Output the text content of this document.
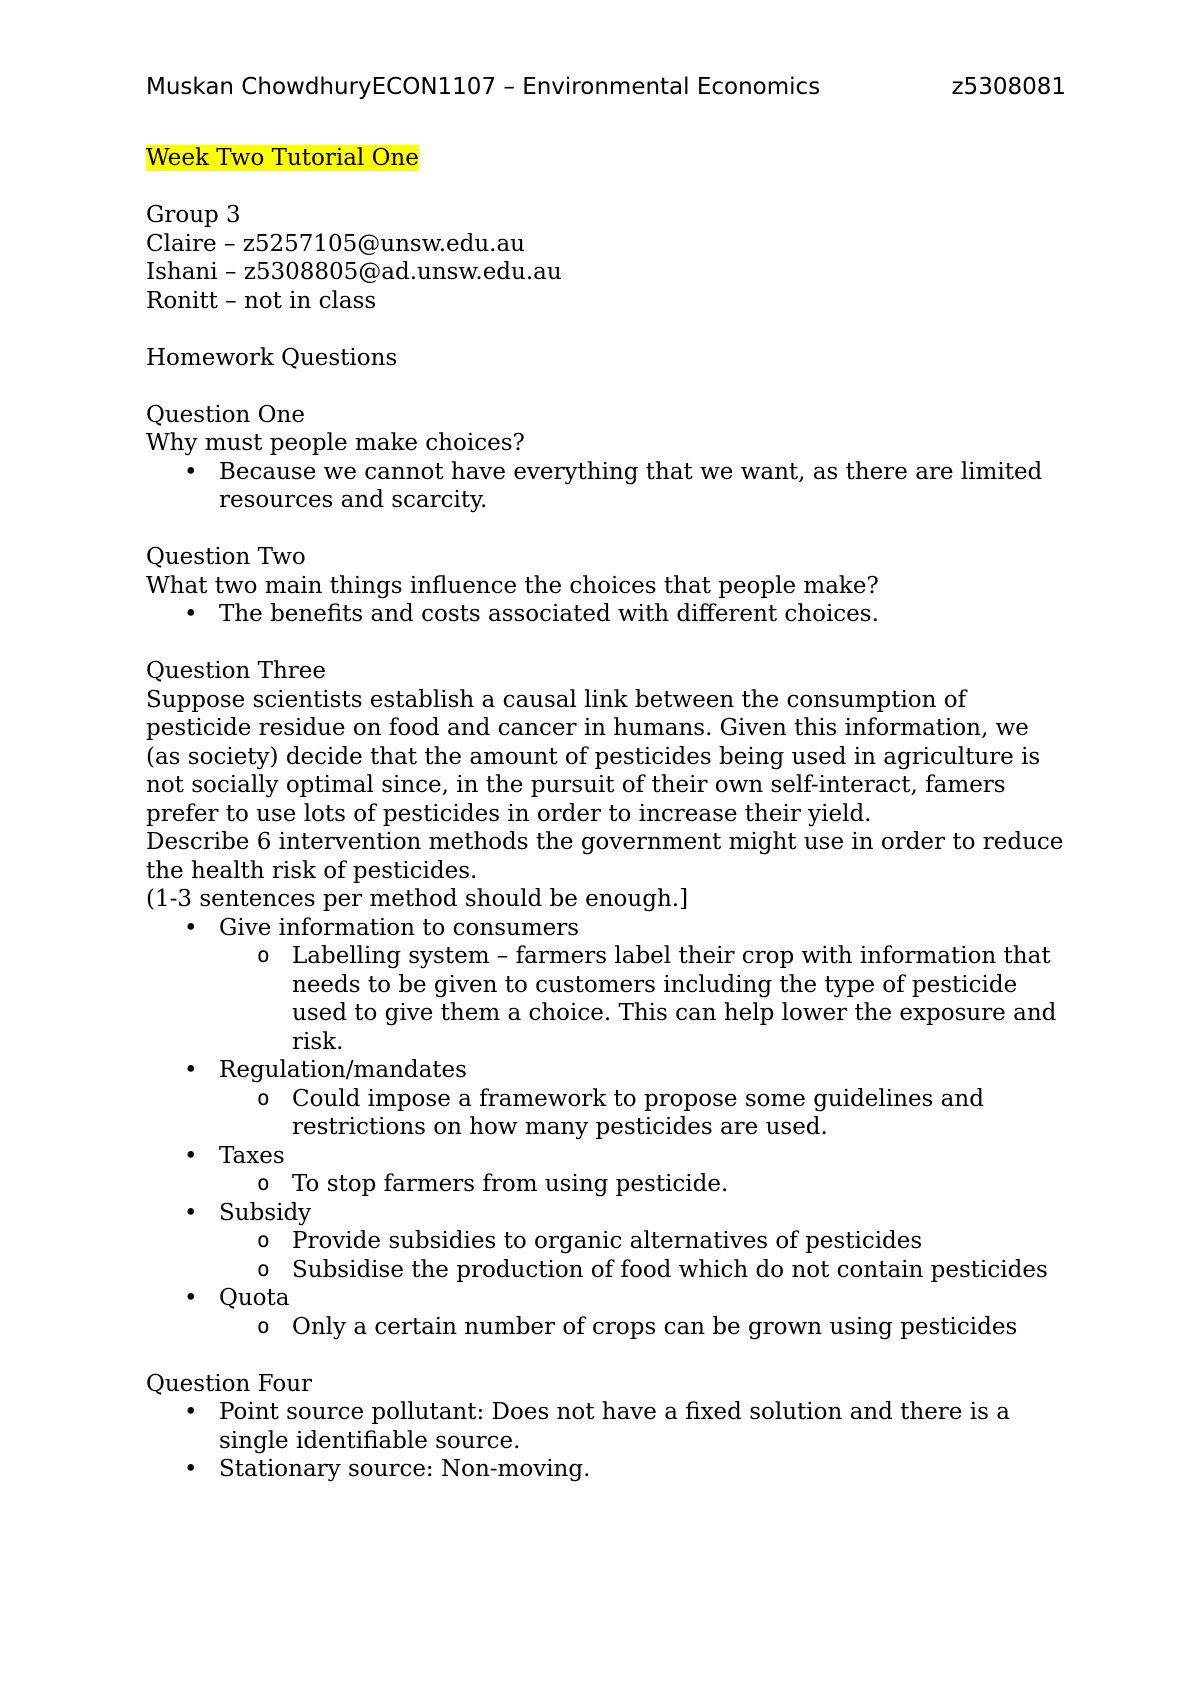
Muskan ChowdhuryECON1107 – Environmental Economics	z5308081
Week Two Tutorial One
Group 3
Claire – z5257105@unsw.edu.au
Ishani – z5308805@ad.unsw.edu.au
Ronitt – not in class
Homework Questions
Question One
Why must people make choices?
• Because we cannot have everything that we want, as there are limited resources and scarcity.
Question Two
What two main things influence the choices that people make?
• The benefits and costs associated with different choices.
Question Three
Suppose scientists establish a causal link between the consumption of pesticide residue on food and cancer in humans. Given this information, we (as society) decide that the amount of pesticides being used in agriculture is not socially optimal since, in the pursuit of their own self-interact, famers prefer to use lots of pesticides in order to increase their yield.
Describe 6 intervention methods the government might use in order to reduce the health risk of pesticides.
(1-3 sentences per method should be enough.]
• Give information to consumers
o Labelling system – farmers label their crop with information that needs to be given to customers including the type of pesticide used to give them a choice. This can help lower the exposure and risk.
• Regulation/mandates
o Could impose a framework to propose some guidelines and restrictions on how many pesticides are used.
• Taxes
o To stop farmers from using pesticide.
• Subsidy
o Provide subsidies to organic alternatives of pesticides
o Subsidise the production of food which do not contain pesticides
• Quota
o Only a certain number of crops can be grown using pesticides
Question Four
• Point source pollutant: Does not have a fixed solution and there is a single identifiable source.
• Stationary source: Non-moving.
